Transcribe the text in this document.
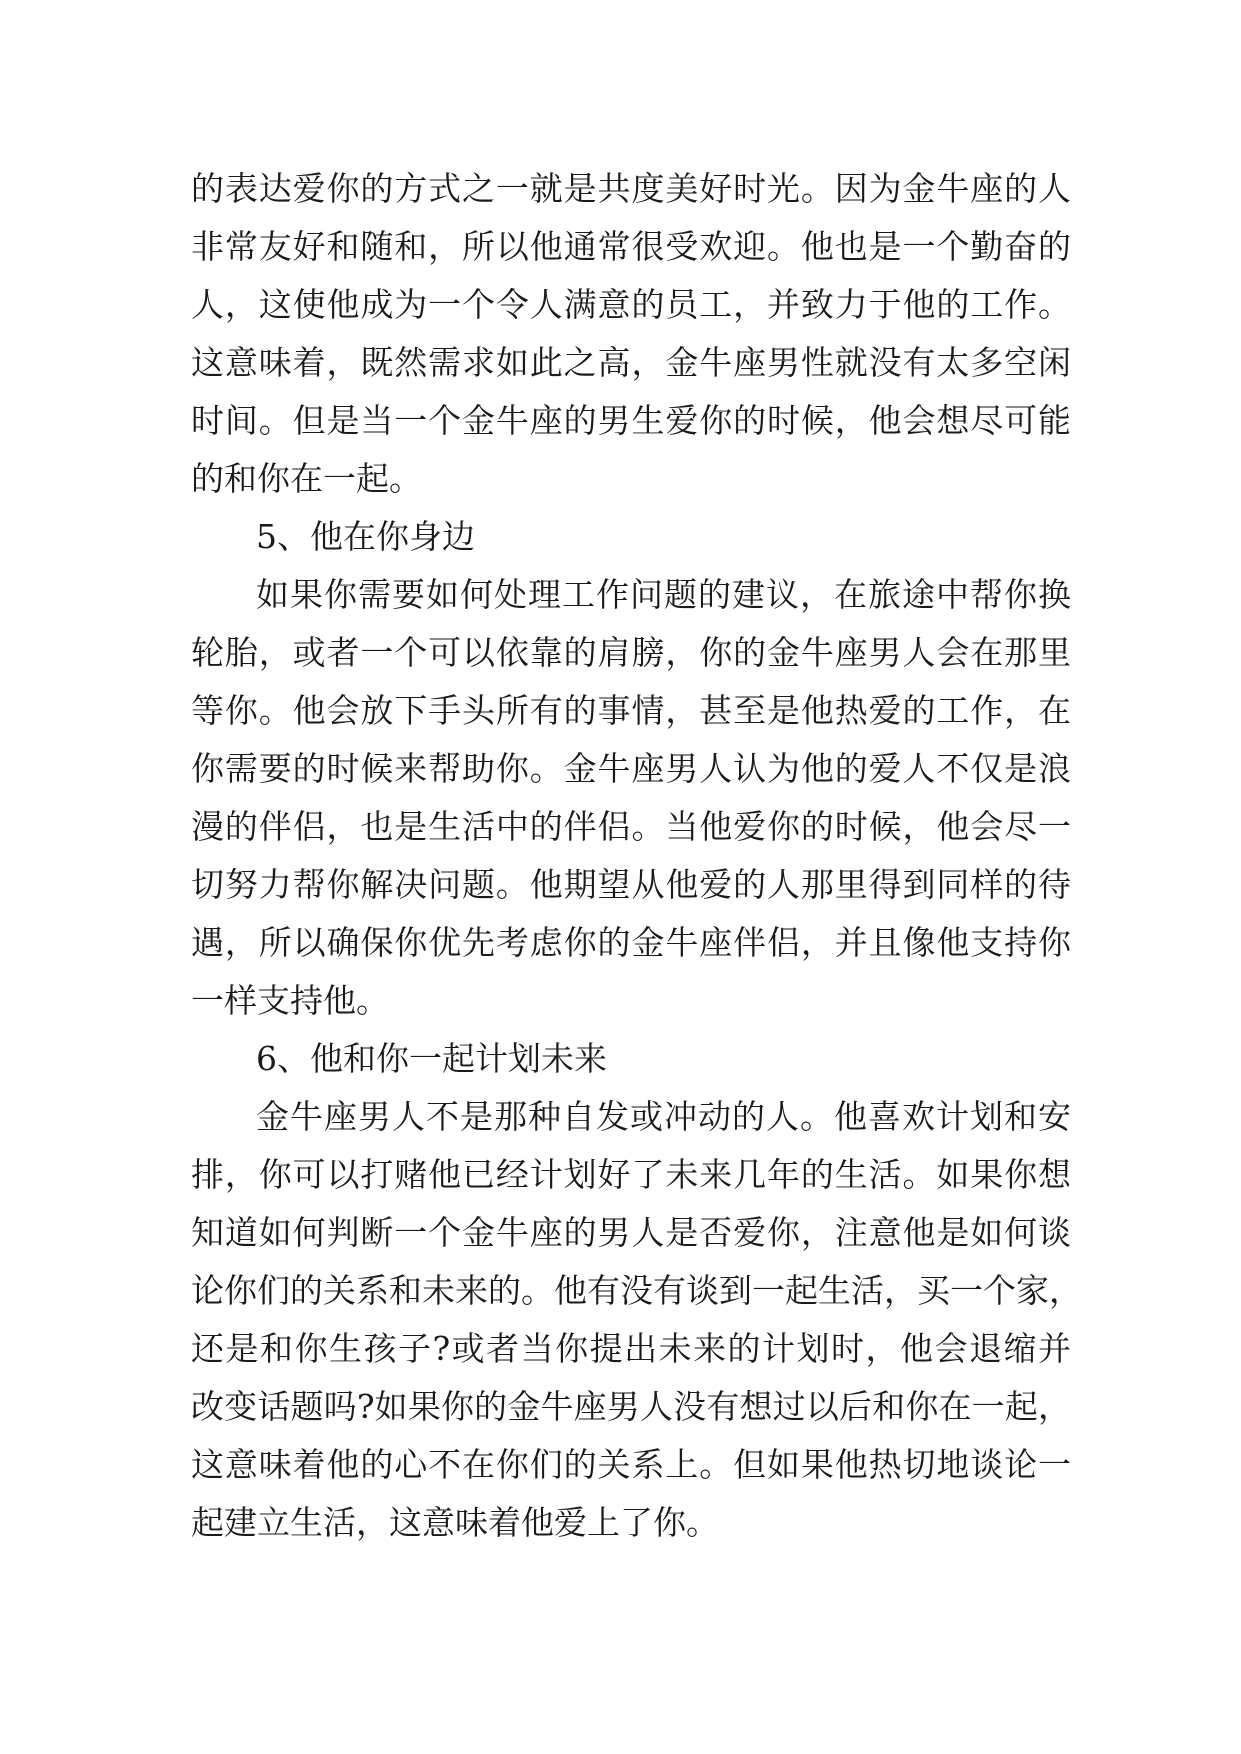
的表达爱你的方式之一就是共度美好时光。因为金牛座的人
非常友好和随和，所以他通常很受欢迎。他也是一个勤奋的
人，这使他成为一个令人满意的员工，并致力于他的工作。
这意味着，既然需求如此之高，金牛座男性就没有太多空闲
时间。但是当一个金牛座的男生爱你的时候，他会想尽可能
的和你在一起。
5、他在你身边
如果你需要如何处理工作问题的建议，在旅途中帮你换
轮胎，或者一个可以依靠的肩膀，你的金牛座男人会在那里
等你。他会放下手头所有的事情，甚至是他热爱的工作，在
你需要的时候来帮助你。金牛座男人认为他的爱人不仅是浪
漫的伴侣，也是生活中的伴侣。当他爱你的时候，他会尽一
切努力帮你解决问题。他期望从他爱的人那里得到同样的待
遇，所以确保你优先考虑你的金牛座伴侣，并且像他支持你
一样支持他。
6、他和你一起计划未来
金牛座男人不是那种自发或冲动的人。他喜欢计划和安
排，你可以打赌他已经计划好了未来几年的生活。如果你想
知道如何判断一个金牛座的男人是否爱你，注意他是如何谈
论你们的关系和未来的。他有没有谈到一起生活，买一个家，
还是和你生孩子?或者当你提出未来的计划时，他会退缩并
改变话题吗?如果你的金牛座男人没有想过以后和你在一起，
这意味着他的心不在你们的关系上。但如果他热切地谈论一
起建立生活，这意味着他爱上了你。
